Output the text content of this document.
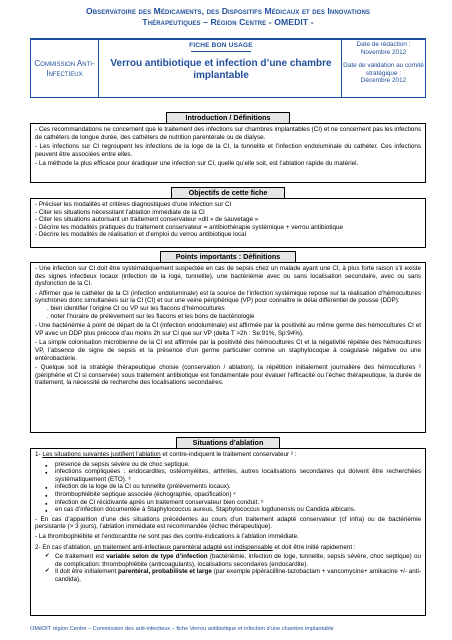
Observatoire des Médicaments, des Dispositifs Médicaux et des Innovations
Thérapeutiques – Région Centre - OMEDIT -
Commission Anti-Infectieux
FICHE BON USAGE
Verrou antibiotique et infection d’une chambre implantable
Date de rédaction :
Novembre 2012
Date de validation au comité stratégique :
Décembre 2012
Introduction / Définitions

- Ces recommandations ne concernent que le traitement des infections sur chambres implantables (CI) et ne concernent pas les infections de cathéters de longue durée, des cathéters de nutrition parentérale ou de dialyse.

- Les infections sur CI regroupent les infections de la loge de la CI, la tunnelite et l’infection endoluminale du cathéter. Ces infections peuvent être associées entre elles.

- La méthode la plus efficace pour éradiquer une infection sur CI, quelle qu’elle soit, est l’ablation rapide du matériel.

Objectifs de cette fiche
- Préciser les modalités et critères diagnostiques d’une infection sur CI
- Citer les situations nécessitant l’ablation immédiate de la CI
- Citer les situations autorisant un traitement conservateur «dit » de sauvetage »
- Décrire les modalités pratiques du traitement conservateur = antibiothérapie systémique + verrou antibiotique
- Décrire les modalités de réalisation et d’emploi du verrou antibiotique local
Points importants : Définitions

- Une infection sur CI doit être systématiquement suspectée en cas de sepsis chez un malade ayant une CI, à plus forte raison s’il existe des signes infectieux locaux (infection de la loge, tunnelite), une bactériémie avec ou sans localisation secondaire, avec ou sans dysfonction de la CI.

- Affirmer que le cathéter de la CI (infection endoluminale) est la source de l’infection systémique repose sur la réalisation d’hémocultures synchrones donc simultanées sur la CI (CI) et sur une veine périphérique (VP) pour connaître le délai différentiel de pousse (DDP):

. bien identifier l’origine CI ou VP sur les flacons d’hémocultures

. noter l’horaire de prélèvement sur les flacons et les bons de bactériologie

- Une bactériémie à point de départ de la CI (infection endoluminale) est affirmée par la positivité au même germe des hémocultures CI et VP avec un DDP plus précoce d’au moins 2h sur CI que sur VP (delta T >2h : Se:91%, Sp:94%).

- La simple colonisation microbienne de la CI est affirmée par la positivité des hémocultures CI et la négativité répétée des hémocultures VP, l’absence de signe de sepsis et la présence d’un germe particulier comme un staphylocoque à coagulase négative ou une entérobactérie.

- Quelque soit la stratégie thérapeutique choisie (conservation / ablation), la répétition initialement journalière des hémocultures ¹ (périphérie et CI si conservée) sous traitement antibiotique est fondamentale pour évaluer l’efficacité ou l’échec thérapeutique, la durée de traitement, la nécessité de recherche des localisations secondaires.

Situations d’ablation

1- Les situations suivantes justifient l’ablation et contre-indiquent le traitement conservateur ² :

● présence de sepsis sévère ou de choc septique.
● infections compliquées : endocardites, ostéomyélites, arthrites, autres localisations secondaires qui doivent être recherchées systématiquement (ETO). ³
● infection de la loge de la CI ou tunnelite (prélèvements locaux).
● thrombophlébite septique associée (échographie, opacification) ⁴
● infection de CI récidivante après un traitement conservateur bien conduit. ⁵
● en cas d’infection documentée à Staphylococcus aureus, Staphylococcus lugdunensis ou Candida albicans.

- En cas d’apparition d’une des situations précédentes au cours d’un traitement adapté conservateur (cf infra) ou de bactériémie persistante (> 3 jours), l’ablation immédiate est recommandée (échec thérapeutique).

- La thrombophlébite et l’endocardite ne sont pas des contre-indications à l’ablation immédiate.

2- En cas d’ablation, un traitement anti-infectieux parentéral adapté est indispensable et doit être initié rapidement :

✔ Ce traitement est variable selon de type d’infection (bactériémie, infection de loge, tunnelite, sepsis sévère, choc septique) ou de complication: thrombophlébite (anticoagulants), localisations secondaires (endocardite).
✔ Il doit être initialement parentéral, probabiliste et large (par exemple pipéracilline-tazobactam + vancomycine+ amikacine +/- anti- candida),
OMéDIT région Centre – Commission des anti-infectieux – fiche Verrou antibiotique et infection d’une chambre implantable
